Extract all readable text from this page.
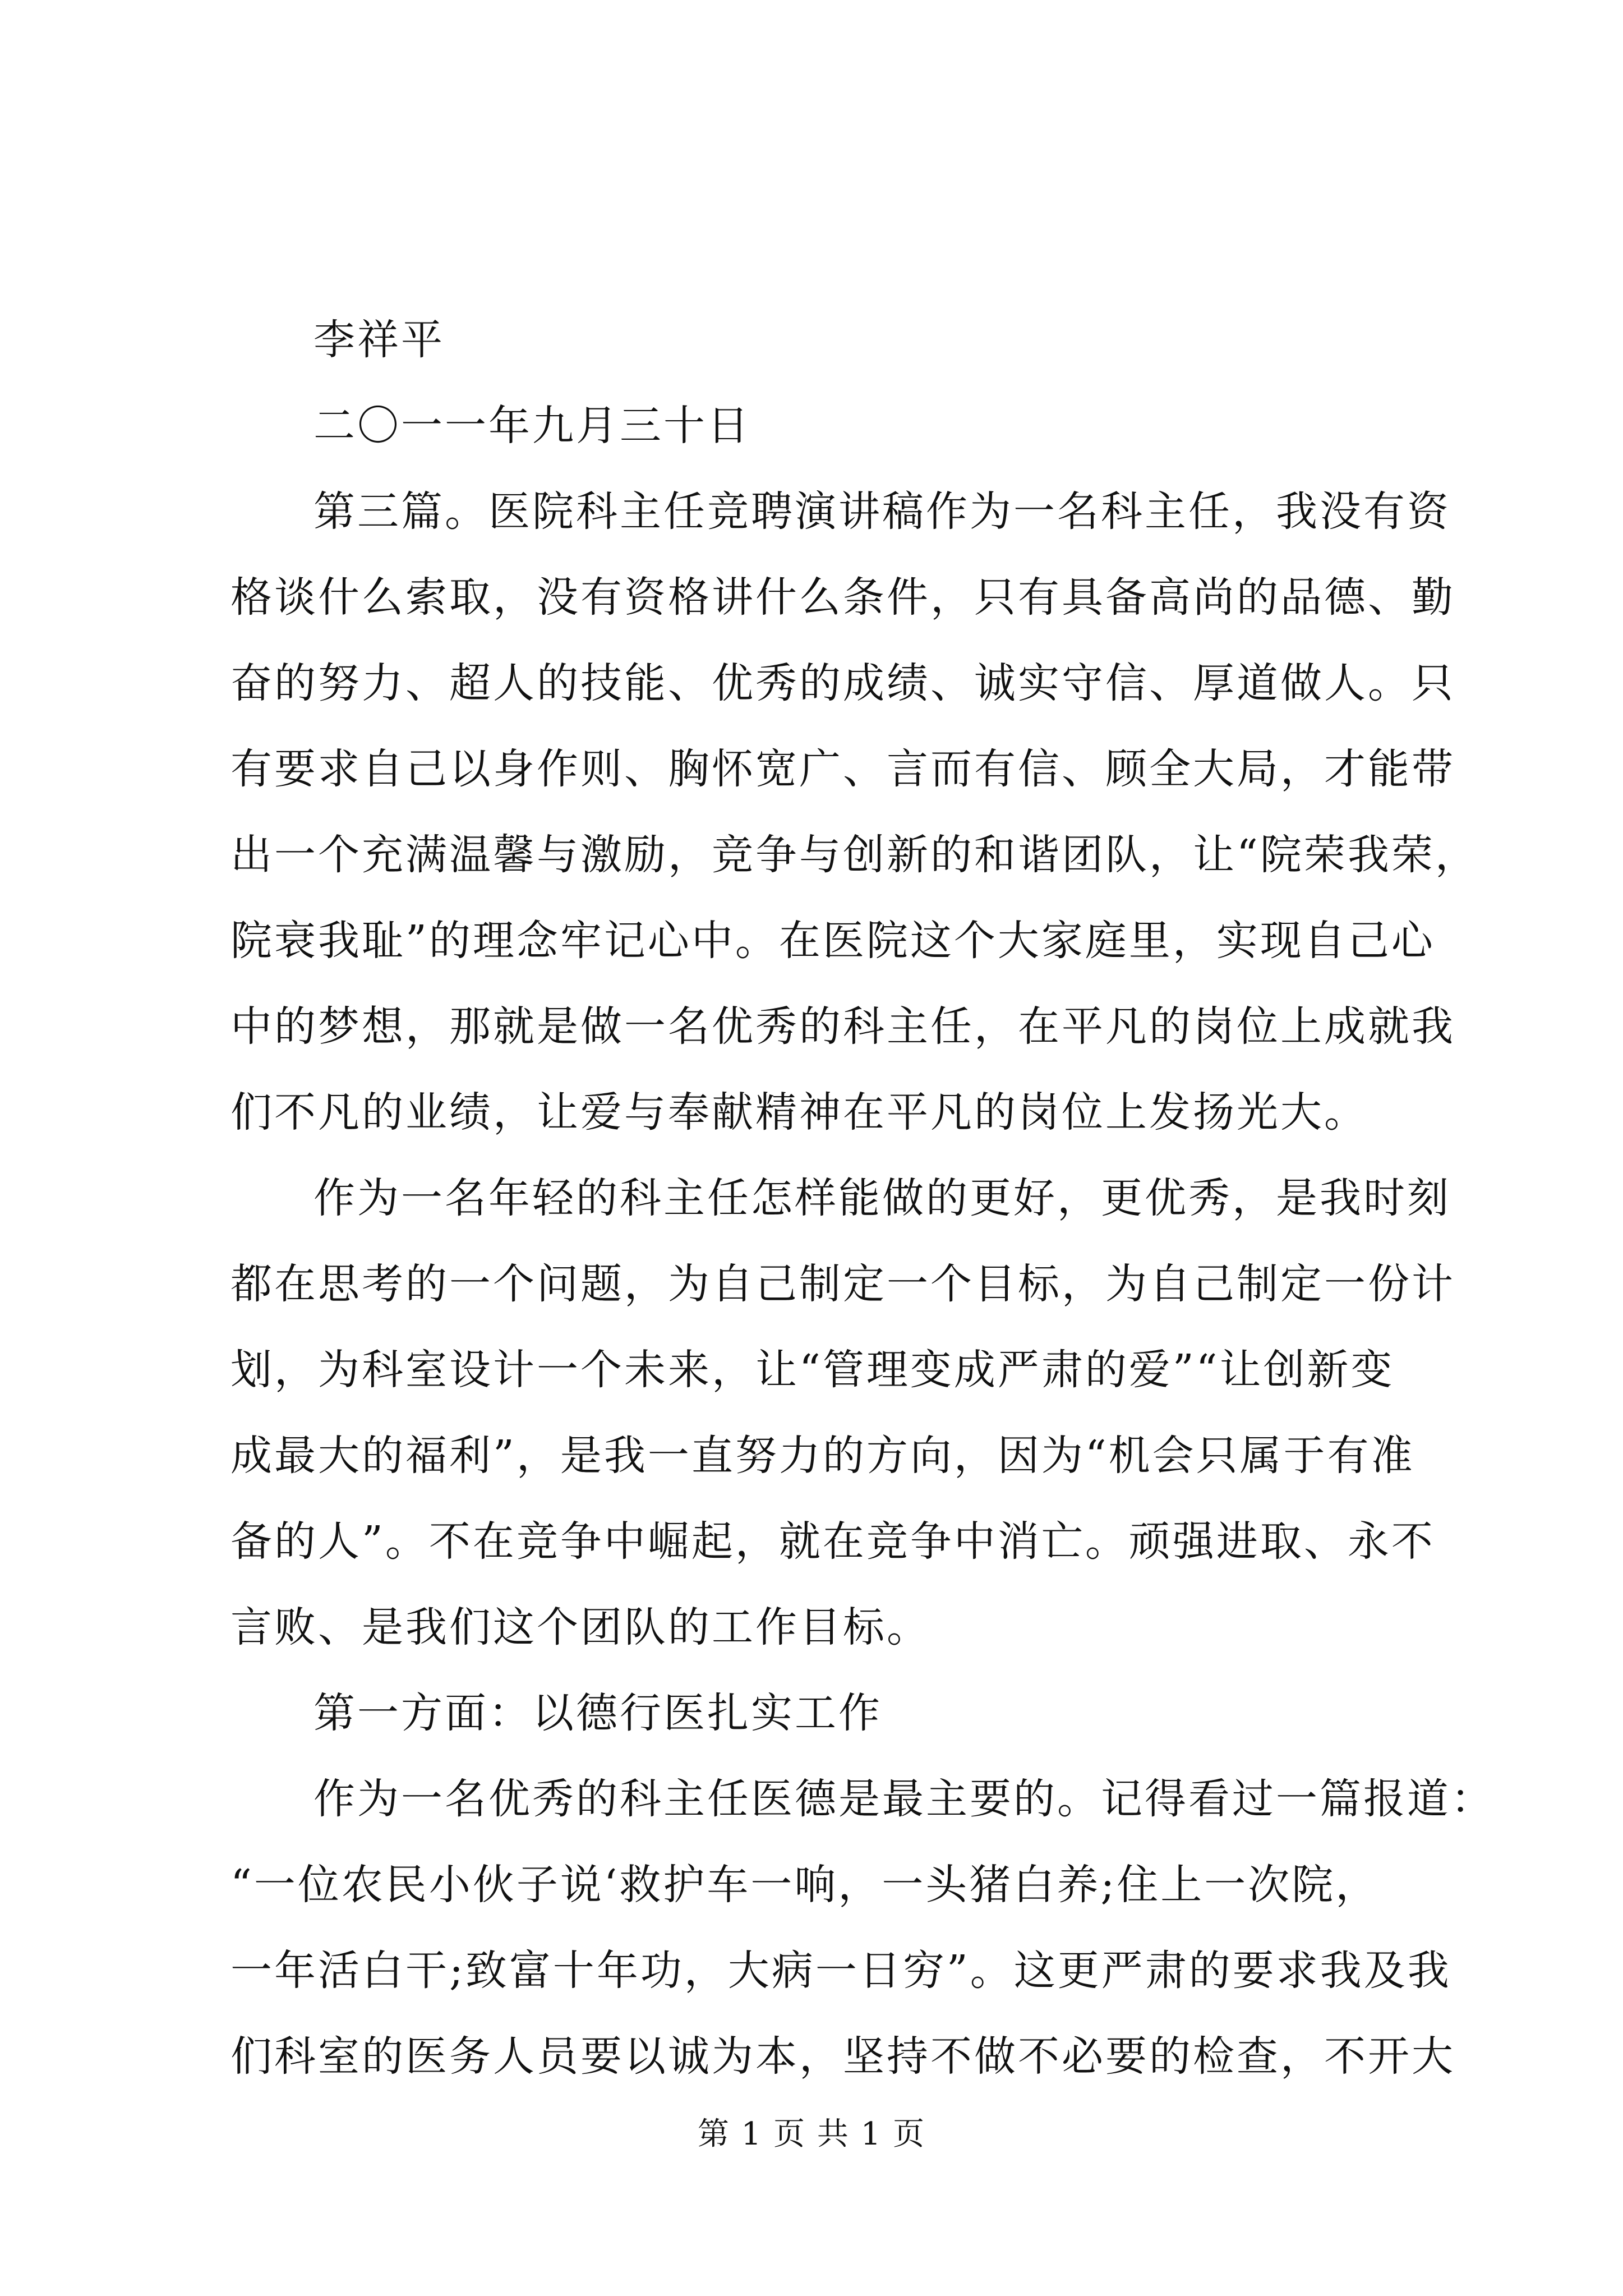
李祥平
二〇一一年九月三十日
第三篇。医院科主任竞聘演讲稿作为一名科主任，我没有资
格谈什么索取，没有资格讲什么条件，只有具备高尚的品德、勤
奋的努力、超人的技能、优秀的成绩、诚实守信、厚道做人。只
有要求自己以身作则、胸怀宽广、言而有信、顾全大局，才能带
出一个充满温馨与激励，竞争与创新的和谐团队，让“院荣我荣，
院衰我耻”的理念牢记心中。在医院这个大家庭里，实现自己心
中的梦想，那就是做一名优秀的科主任，在平凡的岗位上成就我
们不凡的业绩，让爱与奉献精神在平凡的岗位上发扬光大。
作为一名年轻的科主任怎样能做的更好，更优秀，是我时刻
都在思考的一个问题，为自己制定一个目标，为自己制定一份计
划，为科室设计一个未来，让“管理变成严肃的爱”“让创新变
成最大的福利”，是我一直努力的方向，因为“机会只属于有准
备的人”。不在竞争中崛起，就在竞争中消亡。顽强进取、永不
言败、是我们这个团队的工作目标。
第一方面：以德行医扎实工作
作为一名优秀的科主任医德是最主要的。记得看过一篇报道：
“一位农民小伙子说‘救护车一响，一头猪白养;住上一次院，
一年活白干;致富十年功，大病一日穷”。这更严肃的要求我及我
们科室的医务人员要以诚为本，坚持不做不必要的检查，不开大
第 1 页 共 1 页
